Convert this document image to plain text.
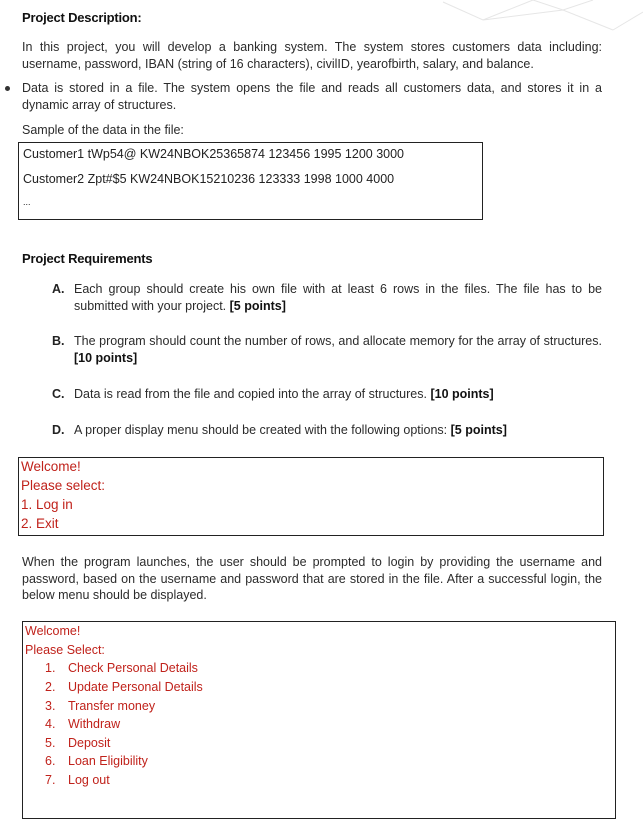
Project Description:
In this project, you will develop a banking system. The system stores customers data including: username, password, IBAN (string of 16 characters), civilID, yearofbirth, salary, and balance.
Data is stored in a file. The system opens the file and reads all customers data, and stores it in a dynamic array of structures.
Sample of the data in the file:
Customer1 tWp54@ KW24NBOK25365874 123456 1995 1200 3000
Customer2 Zpt#$5 KW24NBOK15210236 123333 1998 1000 4000
...
Project Requirements
A. Each group should create his own file with at least 6 rows in the files. The file has to be submitted with your project. [5 points]
B. The program should count the number of rows, and allocate memory for the array of structures. [10 points]
C. Data is read from the file and copied into the array of structures. [10 points]
D. A proper display menu should be created with the following options: [5 points]
Welcome!
Please select:
1. Log in
2. Exit
When the program launches, the user should be prompted to login by providing the username and password, based on the username and password that are stored in the file. After a successful login, the below menu should be displayed.
Welcome!
Please Select:
1. Check Personal Details
2. Update Personal Details
3. Transfer money
4. Withdraw
5. Deposit
6. Loan Eligibility
7. Log out
